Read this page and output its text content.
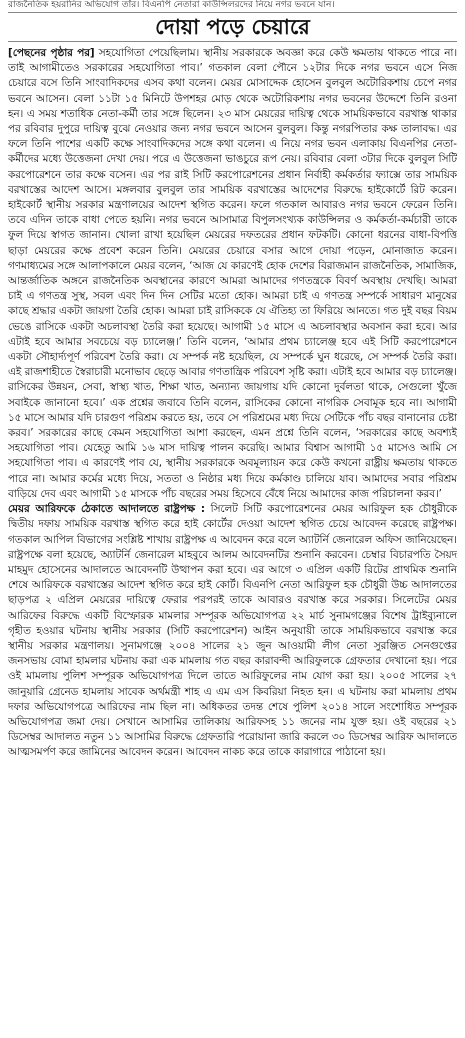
রাজনৈতিক হয়রানির অভিযোগ তাঁর। বিএনপি নেতারা কাউন্সিলরদের নিয়ে নগর ভবনে যান।
দোয়া পড়ে চেয়ারে

[পেছনের পৃষ্ঠার পর] সহযোগিতা পেয়েছিলাম। স্থানীয় সরকারকে অবজ্ঞা করে কেউ ক্ষমতায় থাকতে পারে না। তাই আগামীতেও সরকারের সহযোগিতা পাব।’ গতকাল বেলা পৌনে ১২টার দিকে নগর ভবনে এসে নিজ চেয়ারে বসে তিনি সাংবাদিকদের এসব কথা বলেন। মেয়র মোসাদ্দেক হোসেন বুলবুল অটোরিকশায় চেপে নগর ভবনে আসেন। বেলা ১১টা ১৫ মিনিটে উপশহর মোড় থেকে অটোরিকশায় নগর ভবনের উদ্দেশে তিনি রওনা হন। এ সময় শতাধিক নেতা-কর্মী তার সঙ্গে ছিলেন। ২৩ মাস মেয়রের দায়িত্ব থেকে সাময়িকভাবে বরখাস্ত থাকার পর রবিবার দুপুরে দায়িত্ব বুঝে নেওয়ার জন্য নগর ভবনে আসেন বুলবুল। কিন্তু নগরপিতার কক্ষ তালাবদ্ধ। এর ফলে তিনি পাশের একটি কক্ষে সাংবাদিকদের সঙ্গে কথা বলেন। এ নিয়ে নগর ভবন এলাকায় বিএনপির নেতা-কর্মীদের মধ্যে উত্তেজনা দেখা দেয়। পরে এ উত্তেজনা ভাঙচুরে রূপ নেয়। রবিবার বেলা ৩টার দিকে বুলবুল সিটি করপোরেশনে তার কক্ষে বসেন। এর পর রাই সিটি করপোরেশনের প্রধান নির্বাহী কর্মকর্তার ফ্যাক্সে তার সাময়িক বরখাস্তের আদেশ আসে। মঙ্গলবার বুলবুল তার সাময়িক বরখাস্তের আদেশের বিরুদ্ধে হাইকোর্টে রিট করেন। হাইকোর্ট স্থানীয় সরকার মন্ত্রণালয়ের আদেশ স্থগিত করেন। ফলে গতকাল আবারও নগর ভবনে ফেরেন তিনি। তবে এদিন তাকে বাধা পেতে হয়নি। নগর ভবনে আসামাত্র বিপুলসংখ্যক কাউন্সিলর ও কর্মকর্তা-কর্মচারী তাকে ফুল দিয়ে স্বাগত জানান। খোলা রাখা হয়েছিল মেয়রের দফতরের প্রধান ফটকটি। কোনো ধরনের বাধা-বিপত্তি ছাড়া মেয়রের কক্ষে প্রবেশ করেন তিনি। মেয়রের চেয়ারে বসার আগে দোয়া পড়েন, মোনাজাত করেন। গণমাধ্যমের সঙ্গে আলাপকালে মেয়র বলেন, ‘আজ যে কারণেই হোক দেশের বিরাজমান রাজনৈতিক, সামাজিক, আন্তর্জাতিক অঙ্গনে রাজনৈতিক অবস্থানের কারণে আমরা আমাদের গণতন্ত্রকে বিবর্ণ অবস্থায় দেখছি। আমরা চাই এ গণতন্ত্র সুস্থ, সবল এবং দিন দিন সেটির মতো হোক। আমরা চাই এ গণতন্ত্র সম্পর্কে সাধারণ মানুষের কাছে শ্রদ্ধার একটা জায়গা তৈরি হোক। আমরা চাই রাসিককে যে ঐতিহ্য তা ফিরিয়ে আনতে। গত দুই বছর বিয়ম ভেঙে রাসিকে একটা অচলাবস্থা তৈরি করা হয়েছে। আগামী ১৫ মাসে এ অচলাবস্থার অবসান করা হবে। আর এটাই হবে আমার সবচেয়ে বড় চ্যালেঞ্জ।’ তিনি বলেন, ‘আমার প্রথম চ্যালেঞ্জ হবে এই সিটি করপোরেশনে একটা সৌহার্দ্যপূর্ণ পরিবেশ তৈরি করা। যে সম্পর্ক নষ্ট হয়েছিল, যে সম্পর্কে ঘুন ধরেছে, সে সম্পর্ক তৈরি করা। এই রাজশাহীতে স্বৈরাচারী মনোভাব ছেড়ে আবার গণতান্ত্রিক পরিবেশ সৃষ্টি করা। এটাই হবে আমার বড় চ্যালেঞ্জ। রাসিকের উন্নয়ন, সেবা, স্বাস্থ্য খাত, শিক্ষা খাত, অন্যান্য জায়গায় যদি কোনো দুর্বলতা থাকে, সেগুলো খুঁজে সবাইকে জানানো হবে।’ এক প্রশ্নের জবাবে তিনি বলেন, রাসিকের কোনো নাগরিক সেবামূক হবে না। আগামী ১৫ মাসে আমার যদি চারগুণ পরিশ্রম করতে হয়, তবে সে পরিশ্রমের মধ্য দিয়ে সেটিকে পাঁচ বছর বানানোর চেষ্টা করব।’ সরকারের কাছে কেমন সহযোগিতা আশা করছেন, এমন প্রশ্নে তিনি বলেন, ‘সরকারের কাছে অবশ্যই সহযোগিতা পাব। যেহেতু আমি ১৬ মাস দায়িত্ব পালন করেছি। আমার বিশ্বাস আগামী ১৫ মাসেও আমি সে সহযোগিতা পাব। এ কারণেই পাব যে, স্থানীয় সরকারকে অবমূল্যায়ন করে কেউ কখনো রাষ্ট্রীয় ক্ষমতায় থাকতে পারে না। আমার কর্মের মধ্যে দিয়ে, সততা ও নিষ্ঠার মধ্য দিয়ে কর্মকাণ্ড চালিয়ে যাব। আমাদের সবার পরিশ্রম বাড়িয়ে দেব এবং আগামী ১৫ মাসকে পাঁচ বছরের সময় হিসেবে বেঁধে নিয়ে আমাদের কাজ পরিচালনা করব।’

মেয়র আরিফকে ঠেকাতে আদালতে রাষ্ট্রপক্ষ : সিলেট সিটি করপোরেশনের মেয়র আরিফুল হক চৌধুরীকে দ্বিতীয় দফায় সাময়িক বরখাস্ত স্থগিত করে হাই কোর্টের দেওয়া আদেশ স্থগিত চেয়ে আবেদন করেছে রাষ্ট্রপক্ষ। গতকাল আপিল বিভাগের সংশ্লিষ্ট শাখায় রাষ্ট্রপক্ষ এ আবেদন করে বলে অ্যাটর্নি জেনারেল অফিস জানিয়েছেন। রাষ্ট্রপক্ষে বলা হয়েছে, অ্যাটর্নি জেনারেল মাহবুবে আলম আবেদনটির শুনানি করবেন। চেম্বার বিচারপতি সৈয়দ মাহমুদ হোসেনের আদালতে আবেদনটি উত্থাপন করা হবে। এর আগে ৩ এপ্রিল একটি রিটের প্রাথমিক শুনানি শেষে আরিফকে বরখাস্তের আদেশ স্থগিত করে হাই কোর্ট। বিএনপি নেতা আরিফুল হক চৌধুরী উচ্চ আদালতের ছাড়পত্র ২ এপ্রিল মেয়রের দায়িত্বে ফেরার পরপরই তাকে আবারও বরখাস্ত করে সরকার। সিলেটের মেয়র আরিফের বিরুদ্ধে একটি বিস্ফোরক মামলার সম্পূরক অভিযোগপত্র ২২ মার্চ সুনামগঞ্জের বিশেষ ট্রাইব্যুনালে গৃহীত হওয়ার ঘটনায় স্থানীয় সরকার (সিটি করপোরেশন) আইন অনুযায়ী তাকে সাময়িকভাবে বরখাস্ত করে স্থানীয় সরকার মন্ত্রণালয়। সুনামগঞ্জে ২০০৪ সালের ২১ জুন আওয়ামী লীগ নেতা সুরঞ্জিত সেনগুপ্তের জনসভায় বোমা হামলার ঘটনায় করা এক মামলায় গত বছর কারাবন্দী আরিফুলকে গ্রেফতার দেখানো হয়। পরে ওই মামলায় পুলিশ সম্পূরক অভিযোগপত্র দিলে তাতে আরিফুলের নাম যোগ করা হয়। ২০০৫ সালের ২৭ জানুয়ারি গ্রেনেড হামলায় সাবেক অর্থমন্ত্রী শাহ এ এম এস কিবরিয়া নিহত হন। এ ঘটনায় করা মামলায় প্রথম দফার অভিযোগপত্রে আরিফের নাম ছিল না। অধিকতর তদন্ত শেষে পুলিশ ২০১৪ সালে সংশোধিত সম্পূরক অভিযোগপত্র জমা দেয়। সেখানে আসামির তালিকায় আরিফসহ ১১ জনের নাম যুক্ত হয়। ওই বছরের ২১ ডিসেম্বর আদালত নতুন ১১ আসামির বিরুদ্ধে গ্রেফতারি পরোয়ানা জারি করলে ৩০ ডিসেম্বর আরিফ আদালতে আত্মসমর্পণ করে জামিনের আবেদন করেন। আবেদন নাকচ করে তাকে কারাগারে পাঠানো হয়।
